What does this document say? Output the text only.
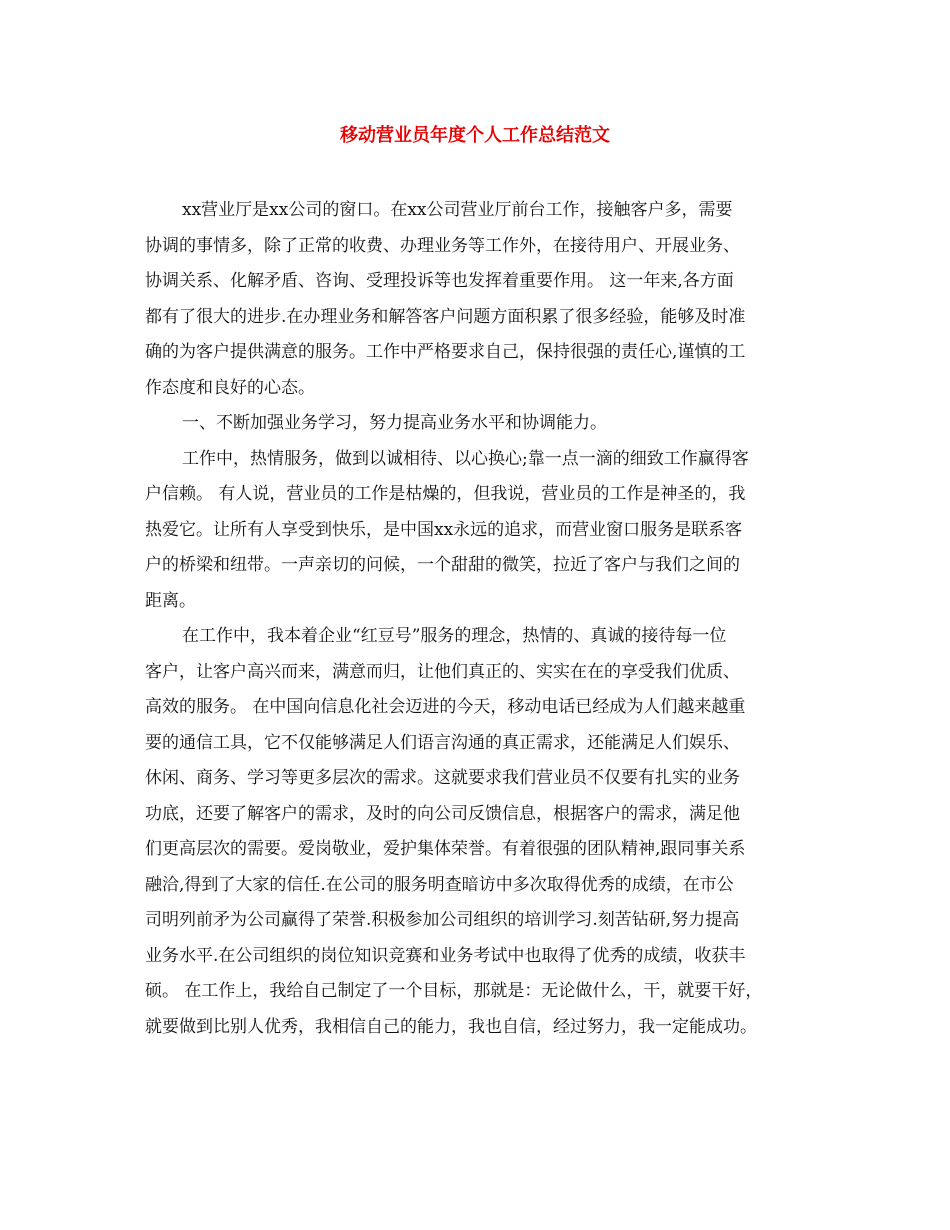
移动营业员年度个人工作总结范文
xx营业厅是xx公司的窗口。在xx公司营业厅前台工作，接触客户多，需要
协调的事情多，除了正常的收费、办理业务等工作外，在接待用户、开展业务、
协调关系、化解矛盾、咨询、受理投诉等也发挥着重要作用。 这一年来,各方面
都有了很大的进步.在办理业务和解答客户问题方面积累了很多经验，能够及时准
确的为客户提供满意的服务。工作中严格要求自己，保持很强的责任心,谨慎的工
作态度和良好的心态。
一、不断加强业务学习，努力提高业务水平和协调能力。
工作中，热情服务，做到以诚相待、以心换心;靠一点一滴的细致工作赢得客
户信赖。 有人说，营业员的工作是枯燥的，但我说，营业员的工作是神圣的，我
热爱它。让所有人享受到快乐，是中国xx永远的追求，而营业窗口服务是联系客
户的桥梁和纽带。一声亲切的问候，一个甜甜的微笑，拉近了客户与我们之间的
距离。
在工作中，我本着企业“红豆号”服务的理念，热情的、真诚的接待每一位
客户，让客户高兴而来，满意而归，让他们真正的、实实在在的享受我们优质、
高效的服务。 在中国向信息化社会迈进的今天，移动电话已经成为人们越来越重
要的通信工具，它不仅能够满足人们语言沟通的真正需求，还能满足人们娱乐、
休闲、商务、学习等更多层次的需求。这就要求我们营业员不仅要有扎实的业务
功底，还要了解客户的需求，及时的向公司反馈信息，根据客户的需求，满足他
们更高层次的需要。爱岗敬业，爱护集体荣誉。有着很强的团队精神,跟同事关系
融洽,得到了大家的信任.在公司的服务明查暗访中多次取得优秀的成绩，在市公
司明列前矛为公司赢得了荣誉.积极参加公司组织的培训学习.刻苦钻研,努力提高
业务水平.在公司组织的岗位知识竞赛和业务考试中也取得了优秀的成绩，收获丰
硕。 在工作上，我给自己制定了一个目标，那就是：无论做什么，干，就要干好，
就要做到比别人优秀，我相信自己的能力，我也自信，经过努力，我一定能成功。
